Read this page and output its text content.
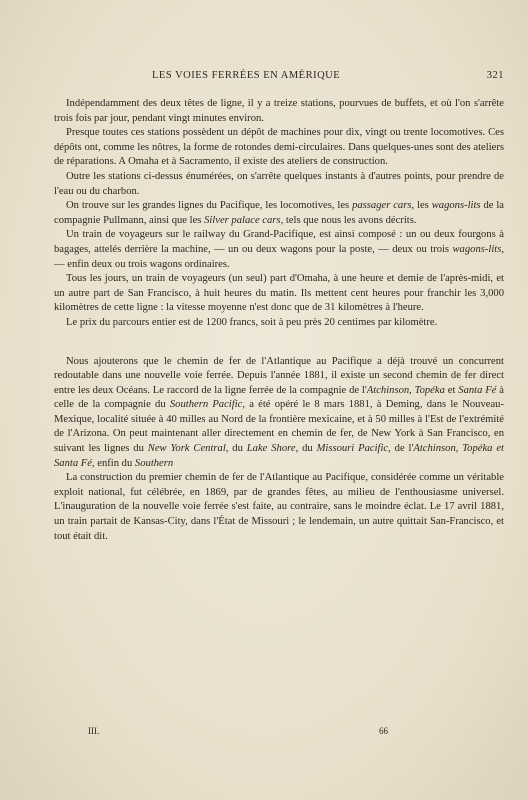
LES VOIES FERRÉES EN AMÉRIQUE	321

Indépendamment des deux têtes de ligne, il y a treize stations, pourvues de buffets, et où l'on s'arrête trois fois par jour, pendant vingt minutes environ.

Presque toutes ces stations possèdent un dépôt de machines pour dix, vingt ou trente locomotives. Ces dépôts ont, comme les nôtres, la forme de rotondes demi-circulaires. Dans quelques-unes sont des ateliers de réparations. A Omaha et à Sacramento, il existe des ateliers de construction.

Outre les stations ci-dessus énumérées, on s'arrête quelques instants à d'autres points, pour prendre de l'eau ou du charbon.

On trouve sur les grandes lignes du Pacifique, les locomotives, les passager cars, les wagons-lits de la compagnie Pullmann, ainsi que les Silver palace cars, tels que nous les avons décrits.

Un train de voyageurs sur le railway du Grand-Pacifique, est ainsi composé : un ou deux fourgons à bagages, attelés derrière la machine, — un ou deux wagons pour la poste, — deux ou trois wagons-lits, — enfin deux ou trois wagons ordinaires.

Tous les jours, un train de voyageurs (un seul) part d'Omaha, à une heure et demie de l'après-midi, et un autre part de San Francisco, à huit heures du matin. Ils mettent cent heures pour franchir les 3,000 kilomètres de cette ligne : la vitesse moyenne n'est donc que de 31 kilomètres à l'heure.

Le prix du parcours entier est de 1200 francs, soit à peu près 20 centimes par kilomètre.

Nous ajouterons que le chemin de fer de l'Atlantique au Pacifique a déjà trouvé un concurrent redoutable dans une nouvelle voie ferrée. Depuis l'année 1881, il existe un second chemin de fer direct entre les deux Océans. Le raccord de la ligne ferrée de la compagnie de l'Atchinson, Topéka et Santa Fé à celle de la compagnie du Southern Pacific, a été opéré le 8 mars 1881, à Deming, dans le Nouveau-Mexique, localité située à 40 milles au Nord de la frontière mexicaine, et à 50 milles à l'Est de l'extrémité de l'Arizona. On peut maintenant aller directement en chemin de fer, de New York à San Francisco, en suivant les lignes du New York Central, du Lake Shore, du Missouri Pacific, de l'Atchinson, Topéka et Santa Fé, enfin du Southern

La construction du premier chemin de fer de l'Atlantique au Pacifique, considérée comme un véritable exploit national, fut célébrée, en 1869, par de grandes fêtes, au milieu de l'enthousiasme universel. L'inauguration de la nouvelle voie ferrée s'est faite, au contraire, sans le moindre éclat. Le 17 avril 1881, un train partait de Kansas-City, dans l'État de Missouri ; le lendemain, un autre quittait San-Francisco, et tout était dit.

III.	66
